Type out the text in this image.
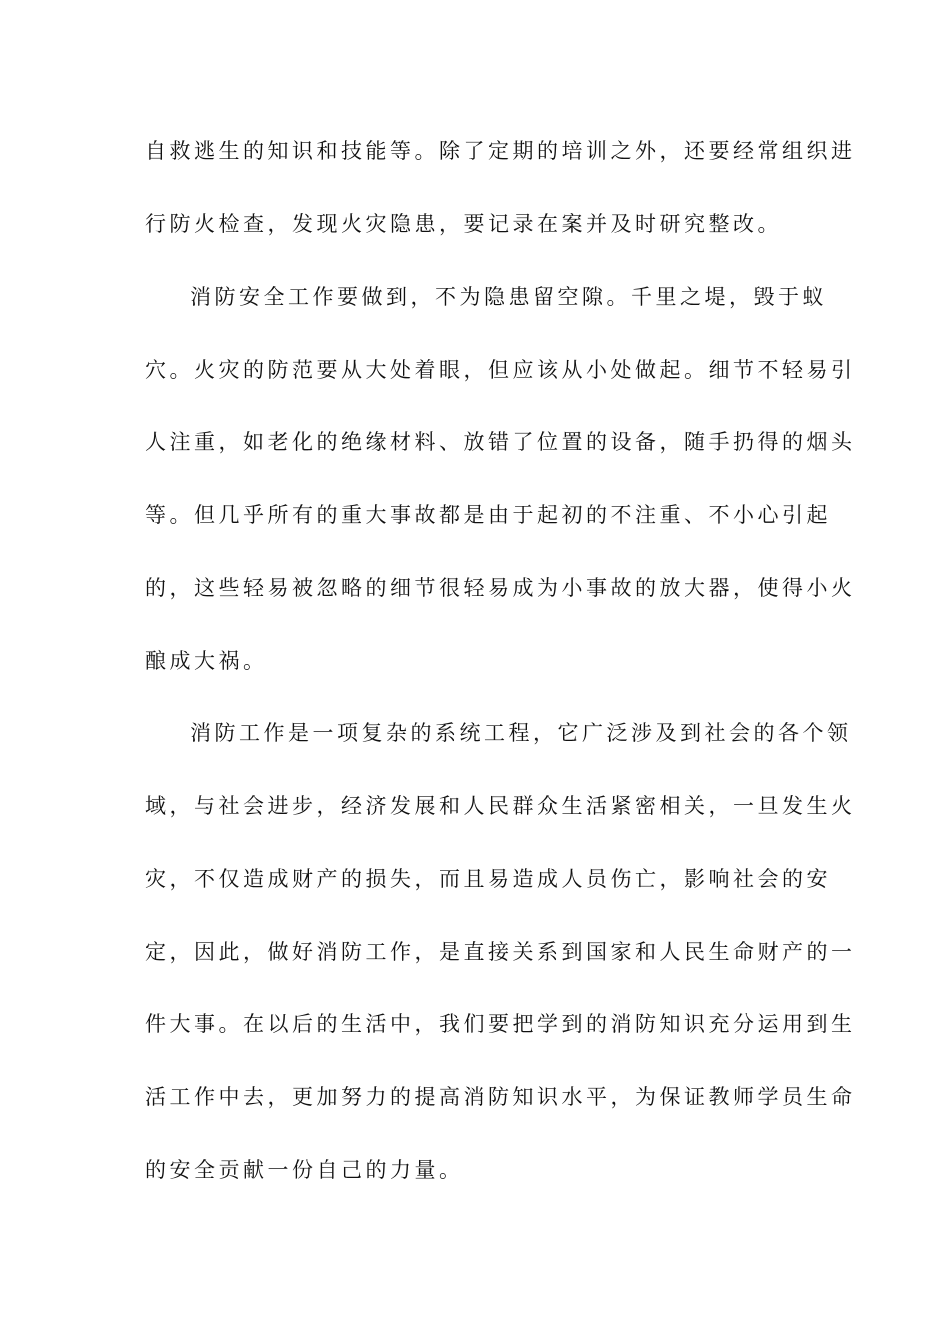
自救逃生的知识和技能等。除了定期的培训之外，还要经常组织进

行防火检查，发现火灾隐患，要记录在案并及时研究整改。

消防安全工作要做到，不为隐患留空隙。千里之堤，毁于蚁

穴。火灾的防范要从大处着眼，但应该从小处做起。细节不轻易引

人注重，如老化的绝缘材料、放错了位置的设备，随手扔得的烟头

等。但几乎所有的重大事故都是由于起初的不注重、不小心引起

的，这些轻易被忽略的细节很轻易成为小事故的放大器，使得小火

酿成大祸。

消防工作是一项复杂的系统工程，它广泛涉及到社会的各个领

域，与社会进步，经济发展和人民群众生活紧密相关，一旦发生火

灾，不仅造成财产的损失，而且易造成人员伤亡，影响社会的安

定，因此，做好消防工作，是直接关系到国家和人民生命财产的一

件大事。在以后的生活中，我们要把学到的消防知识充分运用到生

活工作中去，更加努力的提高消防知识水平，为保证教师学员生命

的安全贡献一份自己的力量。
